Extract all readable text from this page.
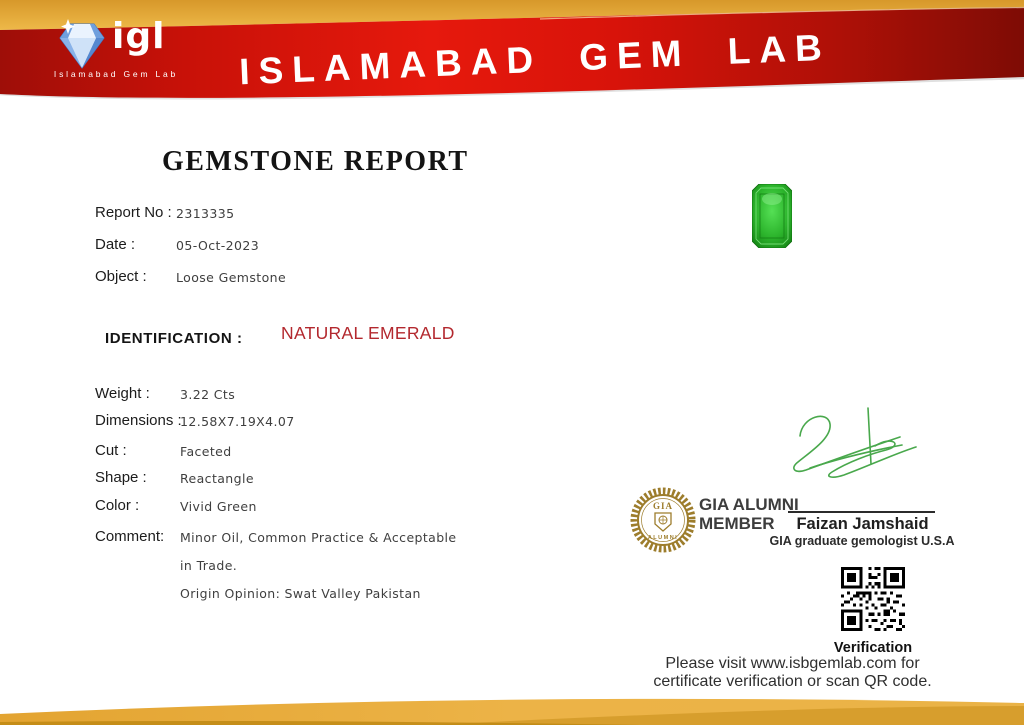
igl
Islamabad Gem Lab	ISLAMABAD GEM LAB
GEMSTONE REPORT
Report No : 2313335
Date :	05-Oct-2023
Object : Loose Gemstone
IDENTIFICATION : NATURAL EMERALD
Weight : 3.22 Cts
Dimensions :
12.58X7.19X4.07
Cut :	Faceted
Shape :	Reactangle
Color :	Vivid Green
Comment: Minor Oil, Common Practice & Acceptable
in Trade.
Origin Opinion: Swat Valley Pakistan
GIA
ALUMNI
GIA ALUMNI
MEMBER	Faizan Jamshaid
GIA graduate gemologist U.S.A
Verification
Please visit www.isbgemlab.com for
certificate verification or scan QR code.
